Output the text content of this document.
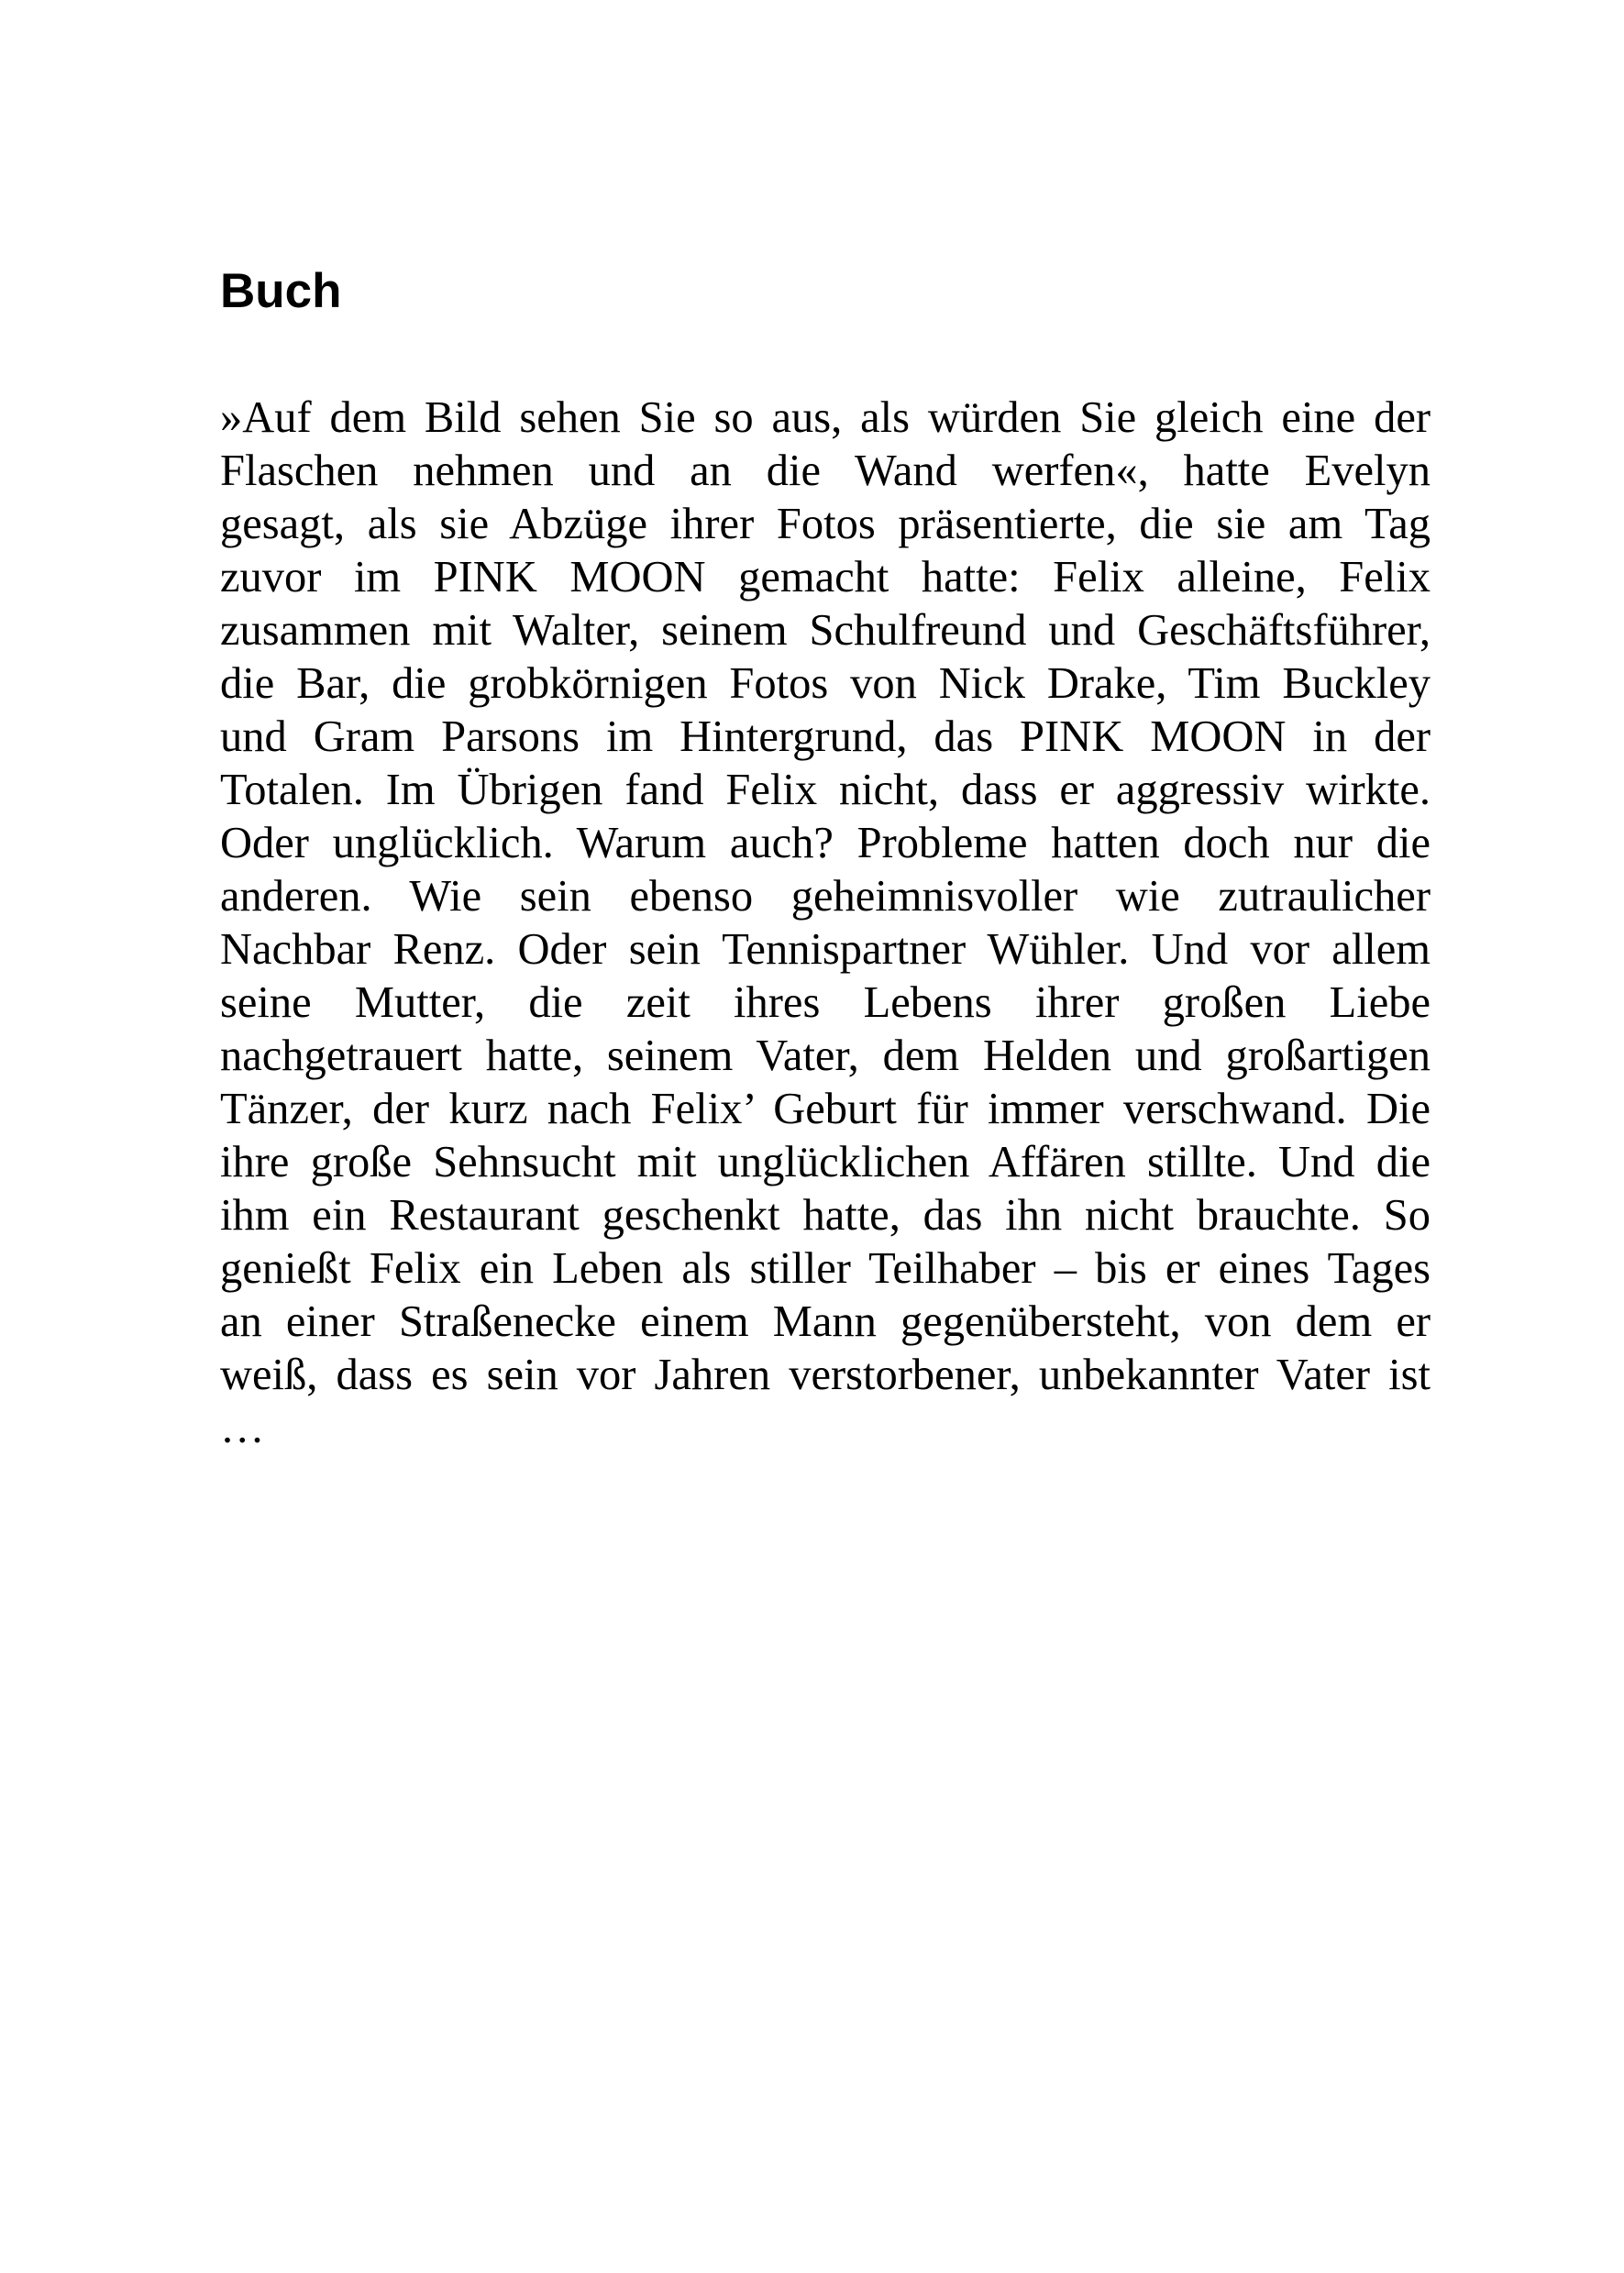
Buch
»Auf dem Bild sehen Sie so aus, als würden Sie gleich eine der
Flaschen nehmen und an die Wand werfen«, hatte Evelyn
gesagt, als sie Abzüge ihrer Fotos präsentierte, die sie am Tag
zuvor im PINK MOON gemacht hatte: Felix alleine, Felix
zusammen mit Walter, seinem Schulfreund und Geschäftsführer,
die Bar, die grobkörnigen Fotos von Nick Drake, Tim Buckley
und Gram Parsons im Hintergrund, das PINK MOON in der
Totalen. Im Übrigen fand Felix nicht, dass er aggressiv wirkte.
Oder unglücklich. Warum auch? Probleme hatten doch nur die
anderen. Wie sein ebenso geheimnisvoller wie zutraulicher
Nachbar Renz. Oder sein Tennispartner Wühler. Und vor allem
seine Mutter, die zeit ihres Lebens ihrer großen Liebe
nachgetrauert hatte, seinem Vater, dem Helden und großartigen
Tänzer, der kurz nach Felix’ Geburt für immer verschwand. Die
ihre große Sehnsucht mit unglücklichen Affären stillte. Und die
ihm ein Restaurant geschenkt hatte, das ihn nicht brauchte. So
genießt Felix ein Leben als stiller Teilhaber – bis er eines Tages
an einer Straßenecke einem Mann gegenübersteht, von dem er
weiß, dass es sein vor Jahren verstorbener, unbekannter Vater ist
…
